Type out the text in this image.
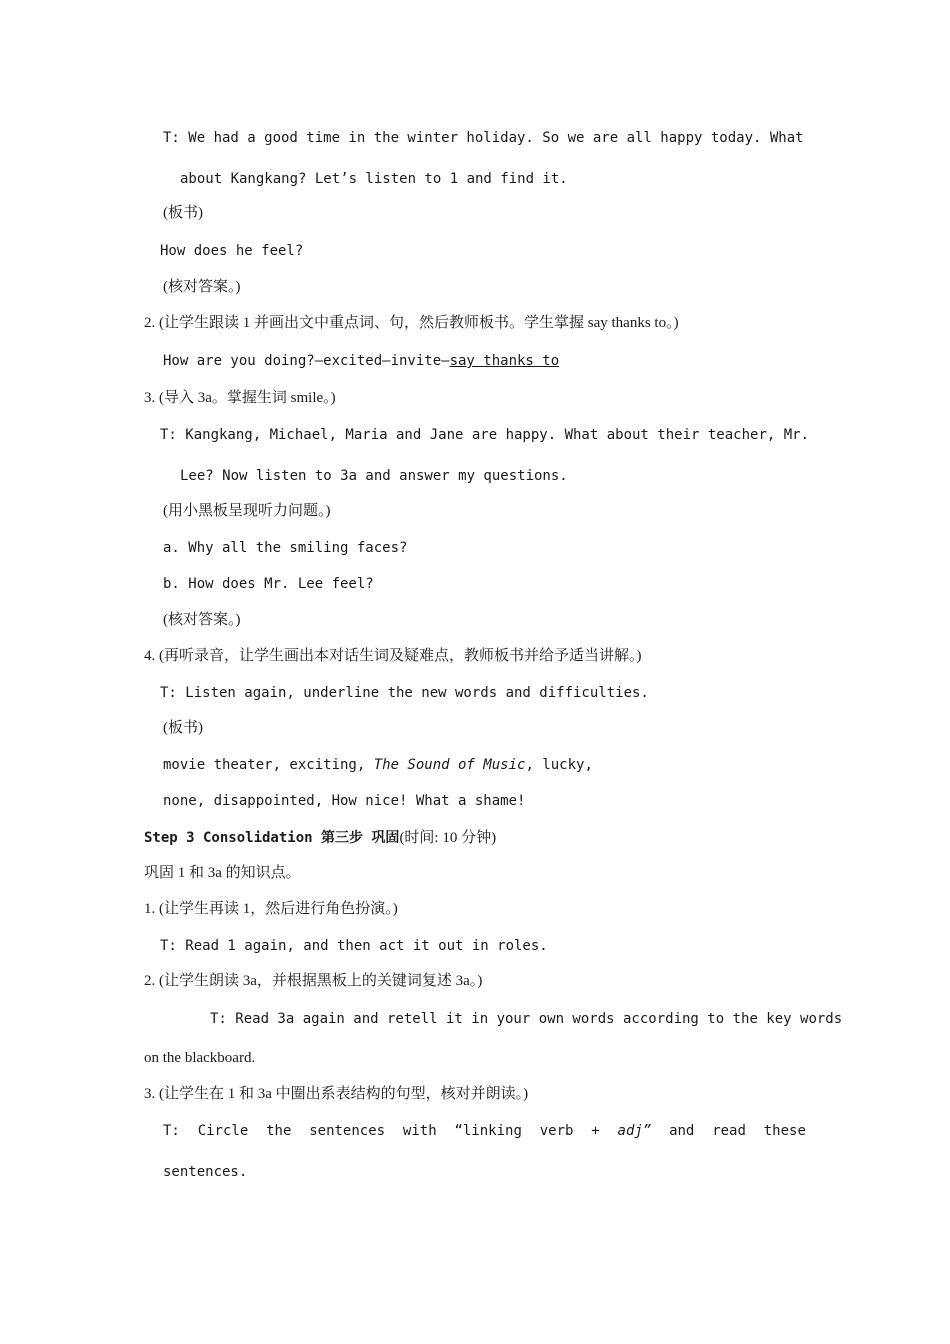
T: We had a good time in the winter holiday. So we are all happy today. What
about Kangkang? Let’s listen to 1 and find it.
(板书)
How does he feel?
(核对答案。)
2. (让学生跟读 1 并画出文中重点词、句，然后教师板书。学生掌握 say thanks to。)
How are you doing?—excited—invite—say thanks to
3. (导入 3a。掌握生词 smile。)
T: Kangkang, Michael, Maria and Jane are happy. What about their teacher, Mr.
Lee? Now listen to 3a and answer my questions.
(用小黑板呈现听力问题。)
a. Why all the smiling faces?
b. How does Mr. Lee feel?
(核对答案。)
4. (再听录音，让学生画出本对话生词及疑难点，教师板书并给予适当讲解。)
T: Listen again, underline the new words and difficulties.
(板书)
movie theater, exciting, The Sound of Music, lucky,
none, disappointed, How nice! What a shame!
Step 3 Consolidation 第三步 巩固(时间: 10 分钟)
巩固 1 和 3a 的知识点。
1. (让学生再读 1，然后进行角色扮演。)
T: Read 1 again, and then act it out in roles.
2. (让学生朗读 3a，并根据黑板上的关键词复述 3a。)
T: Read 3a again and retell it in your own words according to the key words
on the blackboard.
3. (让学生在 1 和 3a 中圈出系表结构的句型，核对并朗读。)
T: Circle the sentences with “linking verb + adj” and read these
sentences.
